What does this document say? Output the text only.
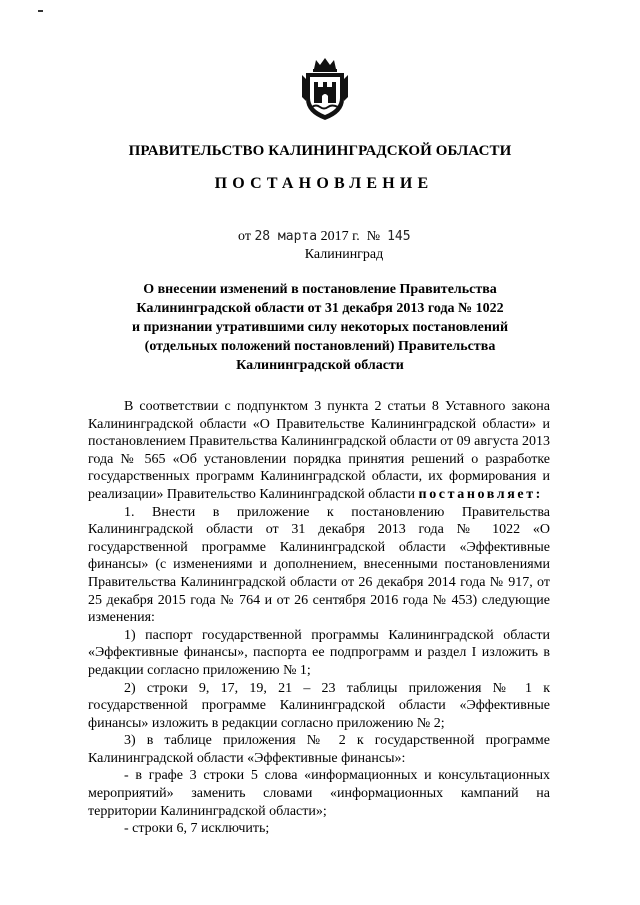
ПРАВИТЕЛЬСТВО КАЛИНИНГРАДСКОЙ ОБЛАСТИ
ПОСТАНОВЛЕНИЕ
от 28 марта 2017 г. № 145
Калининград
О внесении изменений в постановление Правительства
Калининградской области от 31 декабря 2013 года № 1022
и признании утратившими силу некоторых постановлений
(отдельных положений постановлений) Правительства
Калининградской области

В соответствии с подпунктом 3 пункта 2 статьи 8 Уставного закона Калининградской области «О Правительстве Калининградской области» и постановлением Правительства Калининградской области от 09 августа 2013 года № 565 «Об установлении порядка принятия решений о разработке государственных программ Калининградской области, их формирования и реализации» Правительство Калининградской области постановляет:

1. Внести в приложение к постановлению Правительства Калининградской области от 31 декабря 2013 года № 1022 «О государственной программе Калининградской области «Эффективные финансы» (с изменениями и дополнением, внесенными постановлениями Правительства Калининградской области от 26 декабря 2014 года № 917, от 25 декабря 2015 года № 764 и от 26 сентября 2016 года № 453) следующие изменения:

1) паспорт государственной программы Калининградской области «Эффективные финансы», паспорта ее подпрограмм и раздел I изложить в редакции согласно приложению № 1;

2) строки 9, 17, 19, 21 – 23 таблицы приложения № 1 к государственной программе Калининградской области «Эффективные финансы» изложить в редакции согласно приложению № 2;

3) в таблице приложения № 2 к государственной программе Калининградской области «Эффективные финансы»:

- в графе 3 строки 5 слова «информационных и консультационных мероприятий» заменить словами «информационных кампаний на территории Калининградской области»;

- строки 6, 7 исключить;
